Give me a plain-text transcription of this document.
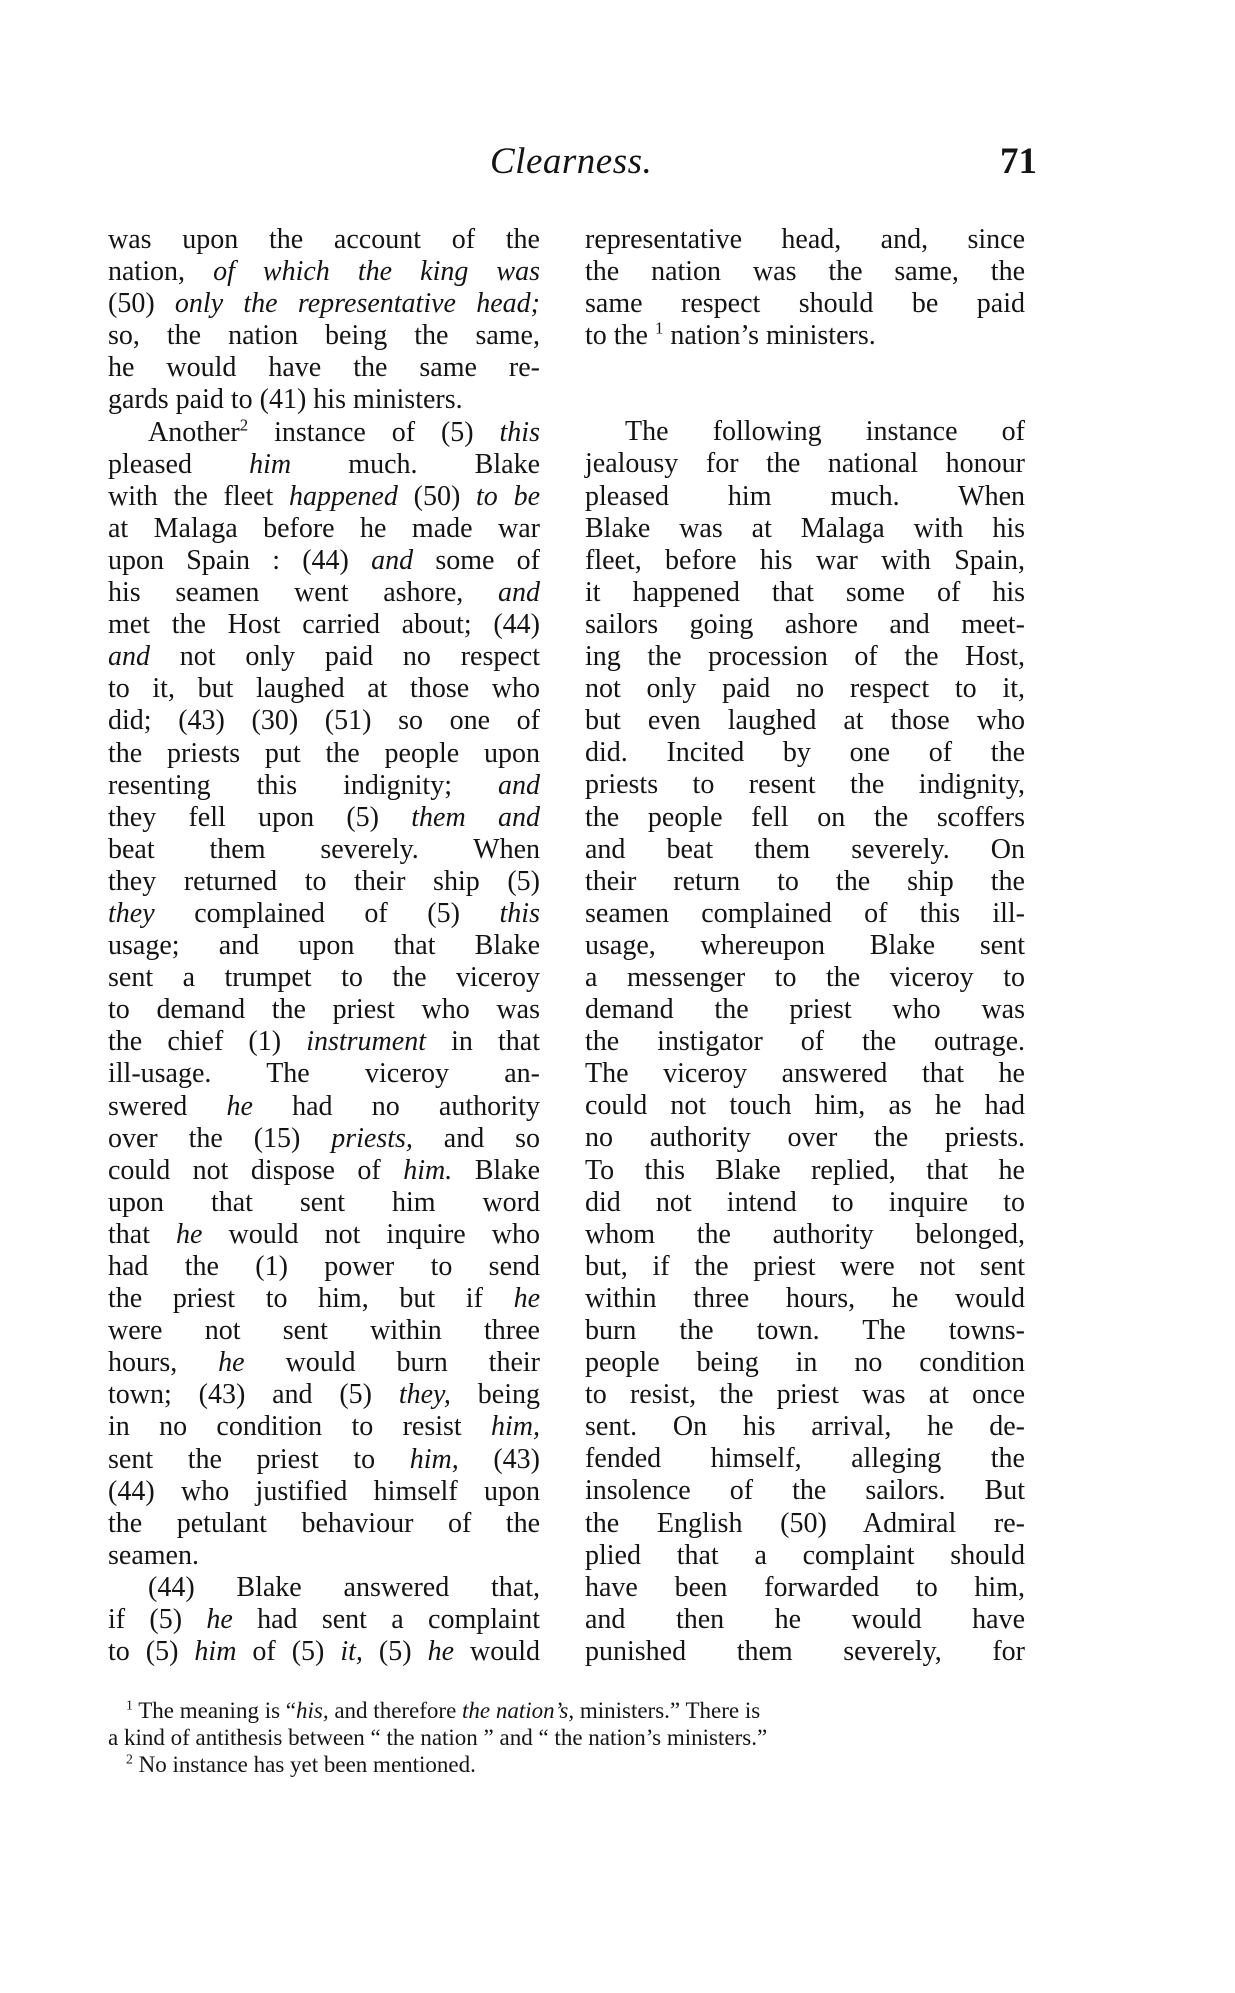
Clearness.	71
was upon the account of the
nation, of which the king was
(50) only the representative head;
so, the nation being the same,
he would have the same re-
gards paid to (41) his ministers.
Another$^2$ instance of (5) this
pleased him much. Blake
with the fleet happened (50) to be
at Malaga before he made war
upon Spain : (44) and some of
his seamen went ashore, and
met the Host carried about; (44)
and not only paid no respect
to it, but laughed at those who
did; (43) (30) (51) so one of
the priests put the people upon
resenting this indignity; and
they fell upon (5) them and
beat them severely. When
they returned to their ship (5)
they complained of (5) this
usage; and upon that Blake
sent a trumpet to the viceroy
to demand the priest who was
the chief (1) instrument in that
ill-usage. The viceroy an-
swered he had no authority
over the (15) priests, and so
could not dispose of him. Blake
upon that sent him word
that he would not inquire who
had the (1) power to send
the priest to him, but if he
were not sent within three
hours, he would burn their
town; (43) and (5) they, being
in no condition to resist him,
sent the priest to him, (43)
(44) who justified himself upon
the petulant behaviour of the
seamen.
(44) Blake answered that,
if (5) he had sent a complaint
to (5) him of (5) it, (5) he would
representative head, and, since
the nation was the same, the
same respect should be paid
to the $^1$ nation’s ministers.
The following instance of
jealousy for the national honour
pleased him much. When
Blake was at Malaga with his
fleet, before his war with Spain,
it happened that some of his
sailors going ashore and meet-
ing the procession of the Host,
not only paid no respect to it,
but even laughed at those who
did. Incited by one of the
priests to resent the indignity,
the people fell on the scoffers
and beat them severely. On
their return to the ship the
seamen complained of this ill-
usage, whereupon Blake sent
a messenger to the viceroy to
demand the priest who was
the instigator of the outrage.
The viceroy answered that he
could not touch him, as he had
no authority over the priests.
To this Blake replied, that he
did not intend to inquire to
whom the authority belonged,
but, if the priest were not sent
within three hours, he would
burn the town. The towns-
people being in no condition
to resist, the priest was at once
sent. On his arrival, he de-
fended himself, alleging the
insolence of the sailors. But
the English (50) Admiral re-
plied that a complaint should
have been forwarded to him,
and then he would have
punished them severely, for
$^1$ The meaning is “his, and therefore the nation’s, ministers.” There is
a kind of antithesis between “ the nation ” and “ the nation’s ministers.”
$^2$ No instance has yet been mentioned.
